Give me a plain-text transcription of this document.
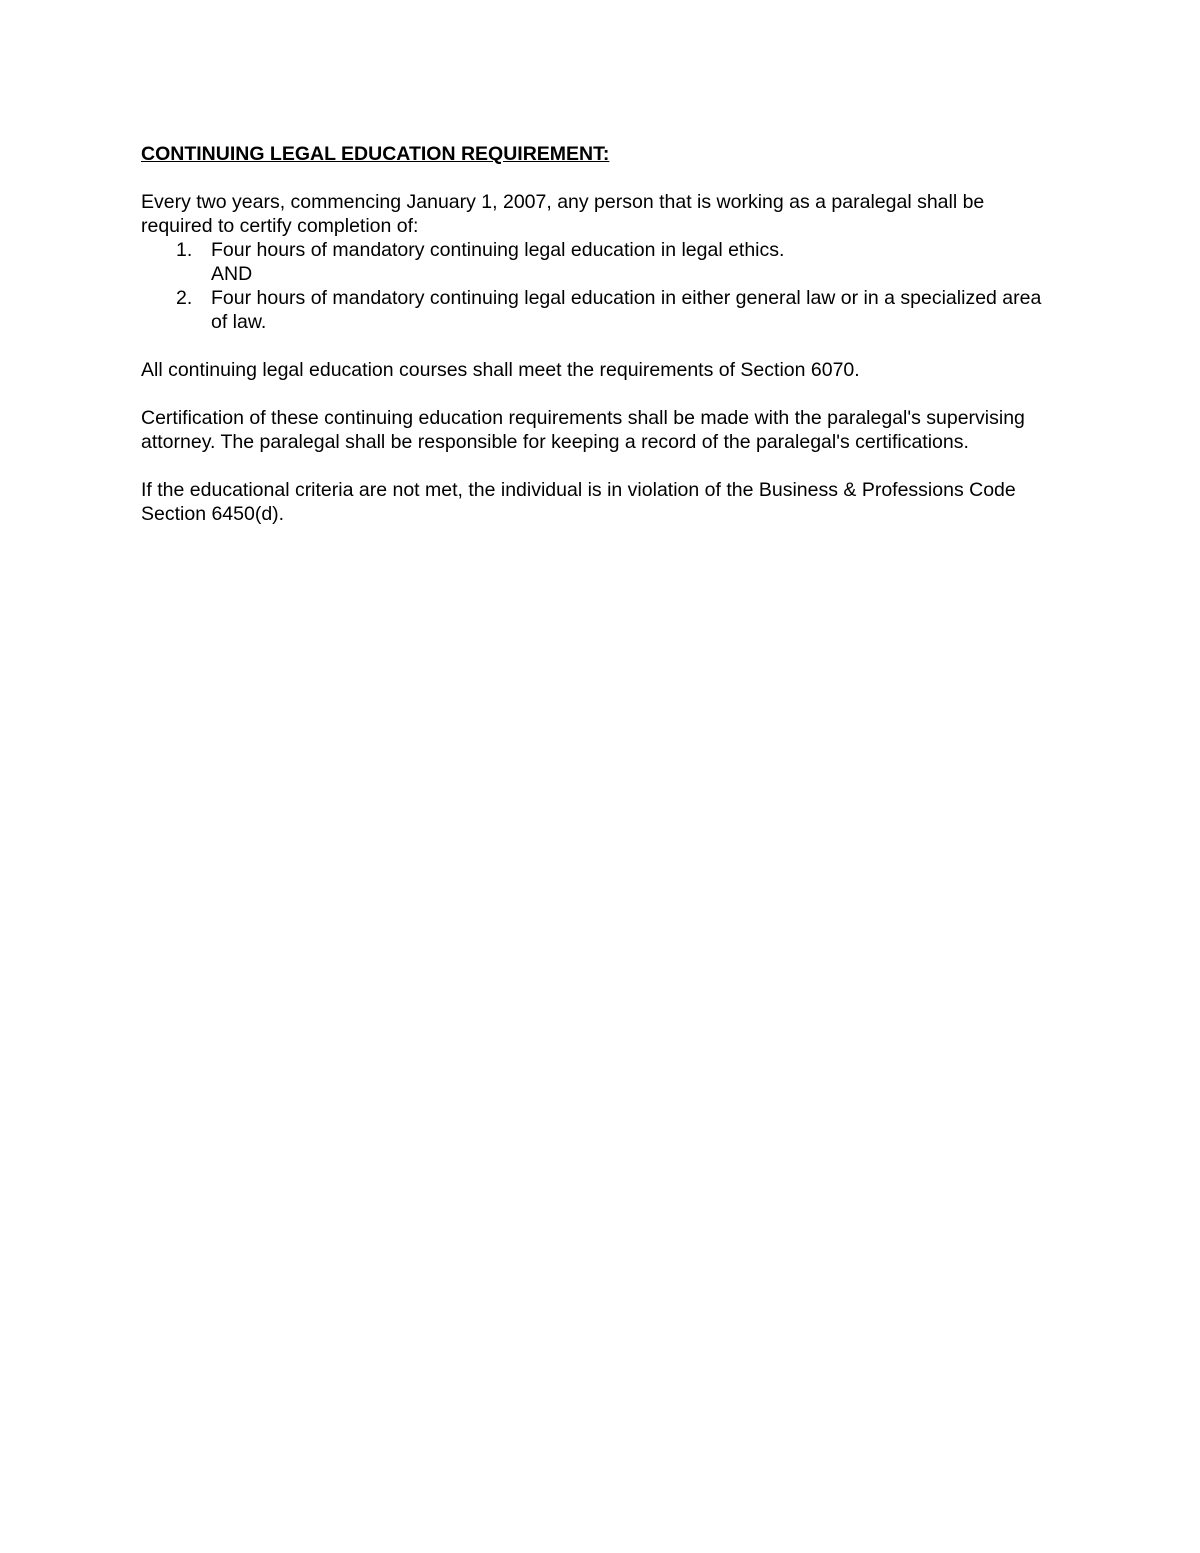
CONTINUING LEGAL EDUCATION REQUIREMENT:
Every two years, commencing January 1, 2007, any person that is working as a paralegal shall be required to certify completion of:
1. Four hours of mandatory continuing legal education in legal ethics.
AND
2. Four hours of mandatory continuing legal education in either general law or in a specialized area of law.
All continuing legal education courses shall meet the requirements of Section 6070.
Certification of these continuing education requirements shall be made with the paralegal's supervising attorney. The paralegal shall be responsible for keeping a record of the paralegal's certifications.
If the educational criteria are not met, the individual is in violation of the Business & Professions Code Section 6450(d).
